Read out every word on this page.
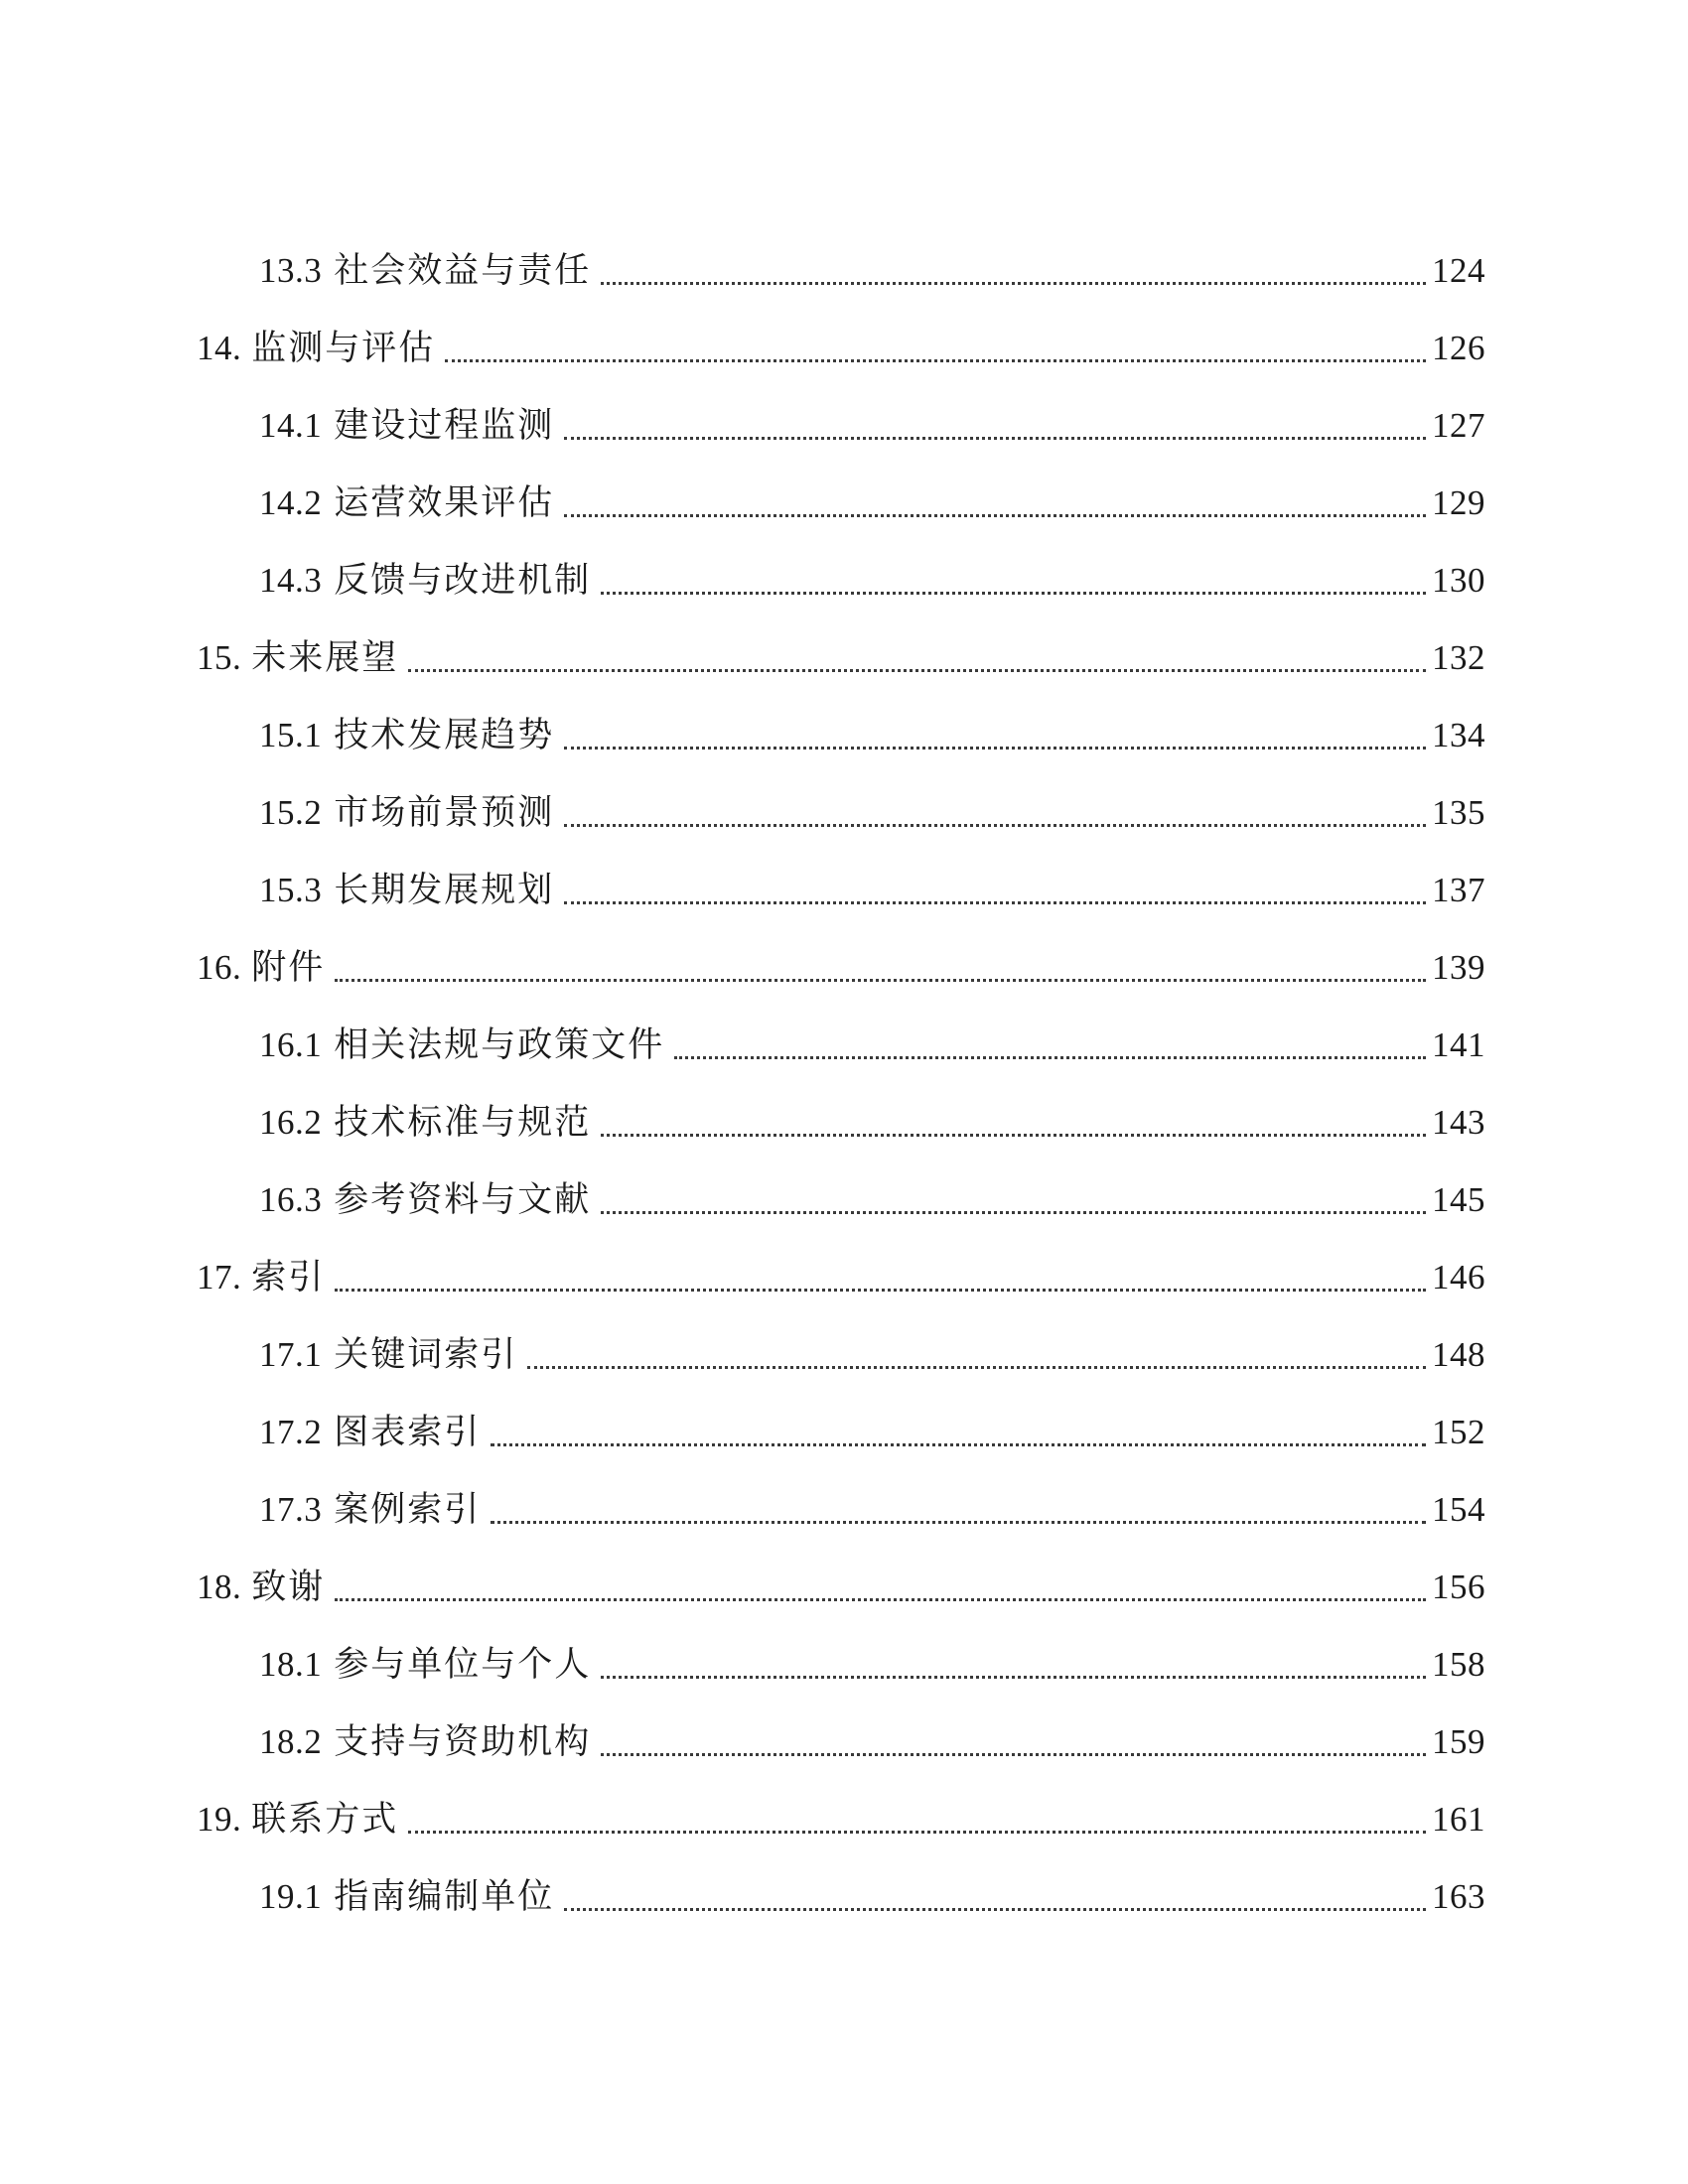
13.3 社会效益与责任	124
14. 监测与评估	126
14.1 建设过程监测	127
14.2 运营效果评估	129
14.3 反馈与改进机制	130
15. 未来展望	132
15.1 技术发展趋势	134
15.2 市场前景预测	135
15.3 长期发展规划	137
16. 附件	139
16.1 相关法规与政策文件	141
16.2 技术标准与规范	143
16.3 参考资料与文献	145
17. 索引	146
17.1 关键词索引	148
17.2 图表索引	152
17.3 案例索引	154
18. 致谢	156
18.1 参与单位与个人	158
18.2 支持与资助机构	159
19. 联系方式	161
19.1 指南编制单位	163
